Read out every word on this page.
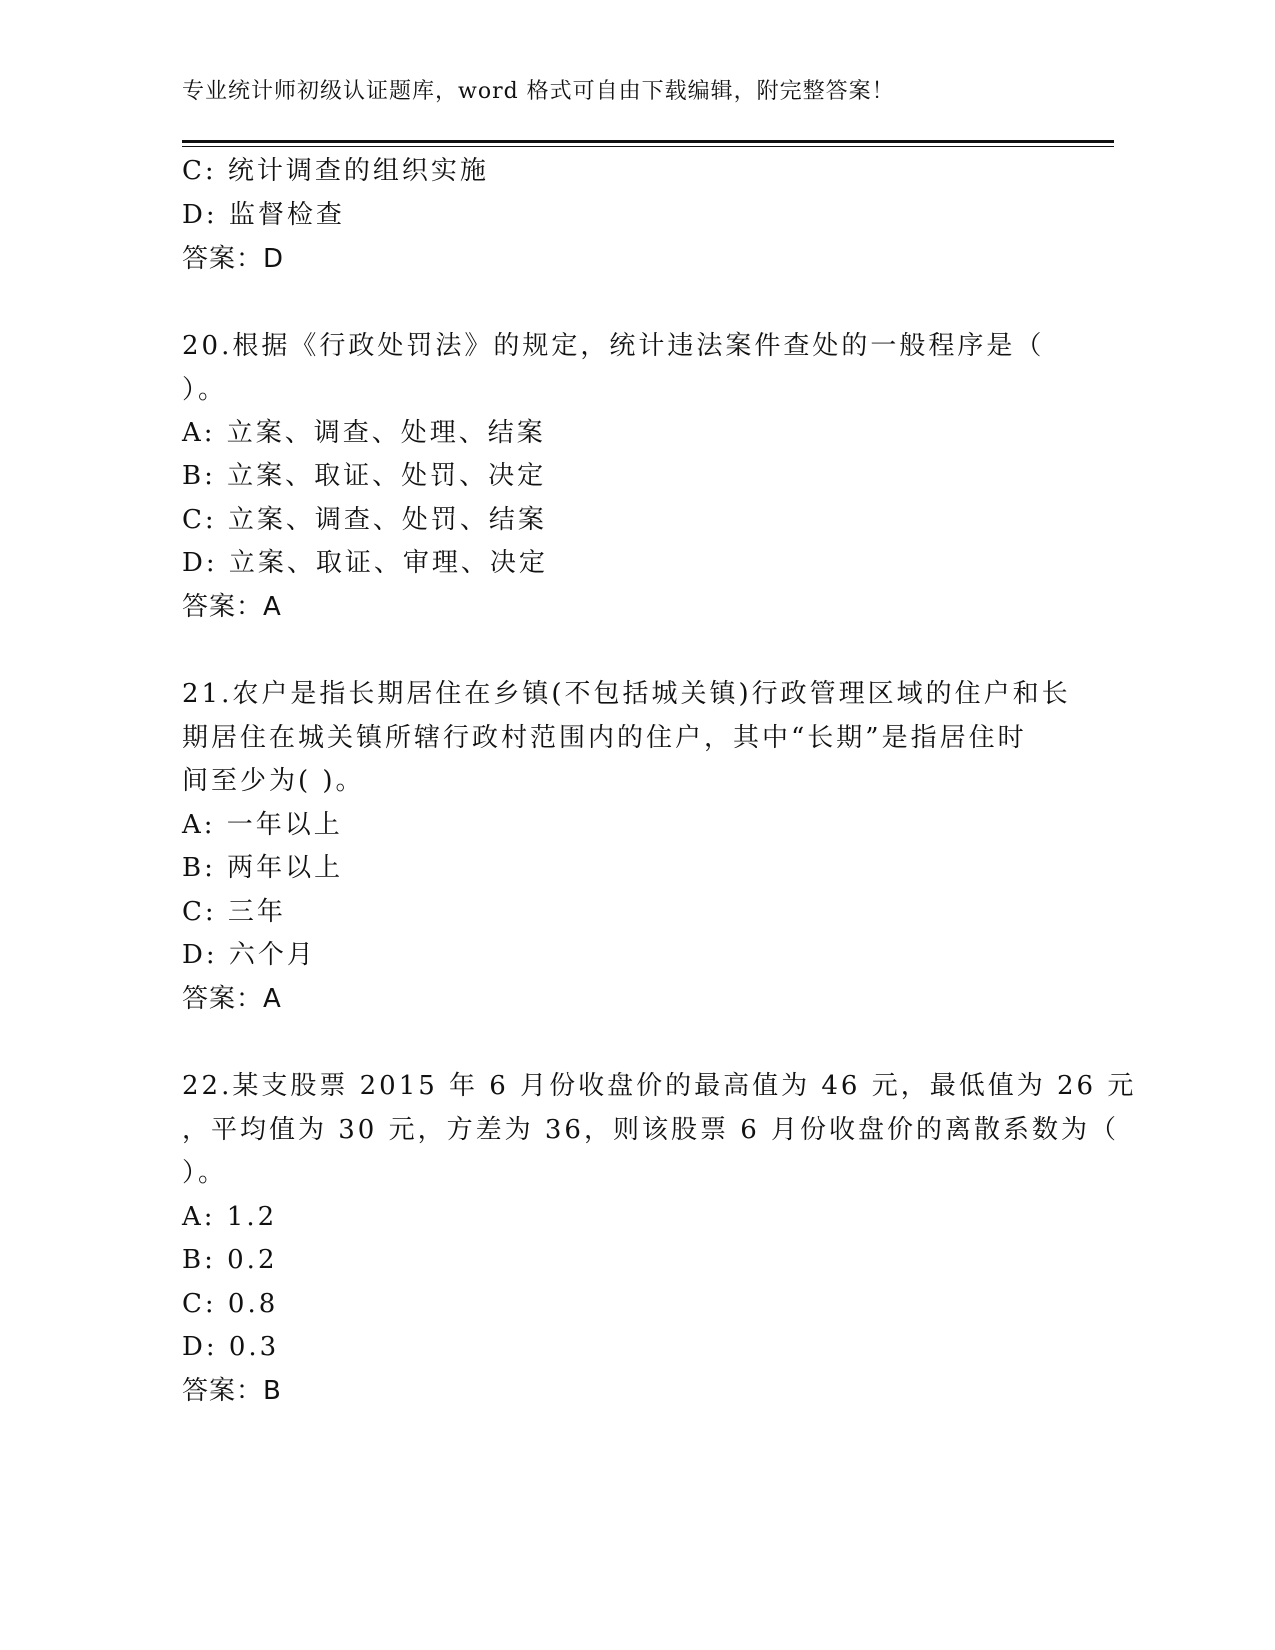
专业统计师初级认证题库，word 格式可自由下载编辑，附完整答案！
C: 统计调查的组织实施
D: 监督检查
答案：D
20.根据《行政处罚法》的规定，统计违法案件查处的一般程序是（
）。
A: 立案、调查、处理、结案
B: 立案、取证、处罚、决定
C: 立案、调查、处罚、结案
D: 立案、取证、审理、决定
答案：A
21.农户是指长期居住在乡镇(不包括城关镇)行政管理区域的住户和长
期居住在城关镇所辖行政村范围内的住户，其中“长期”是指居住时
间至少为( )。
A: 一年以上
B: 两年以上
C: 三年
D: 六个月
答案：A
22.某支股票 2015 年 6 月份收盘价的最高值为 46 元，最低值为 26 元
，平均值为 30 元，方差为 36，则该股票 6 月份收盘价的离散系数为（
）。
A: 1.2
B: 0.2
C: 0.8
D: 0.3
答案：B
